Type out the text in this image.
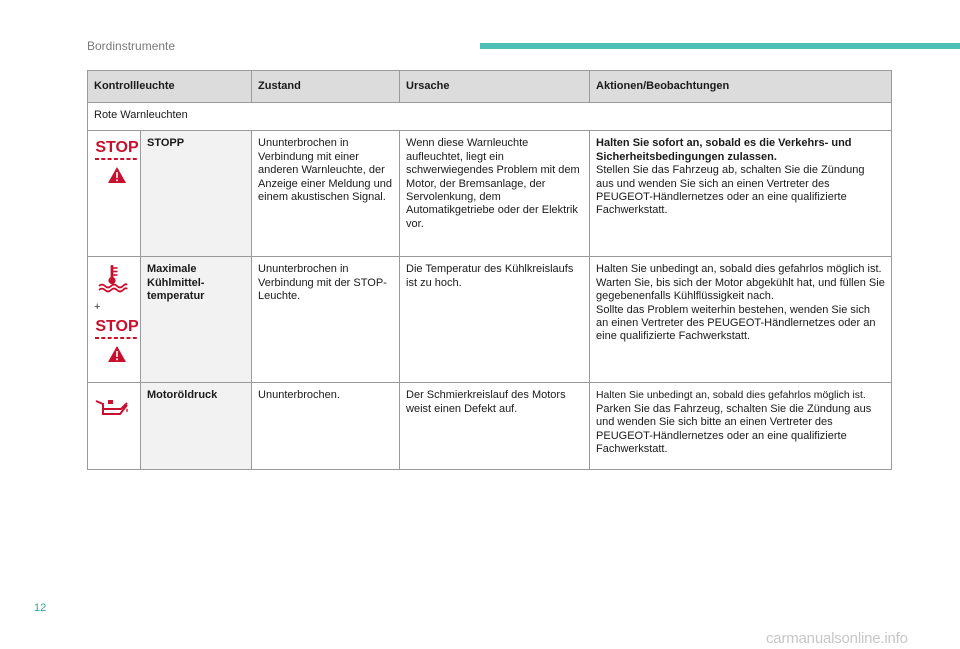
Bordinstrumente
Kontrollleuchte		Zustand	Ursache	Aktionen/Beobachtungen
Rote Warnleuchten				

STOP	STOPP	Ununterbrochen in Verbindung mit einer anderen Warnleuchte, der Anzeige einer Meldung und einem akustischen Signal.	Wenn diese Warnleuchte aufleuchtet, liegt ein schwerwiegendes Problem mit dem Motor, der Bremsanlage, der Servolenkung, dem Automatikgetriebe oder der Elektrik vor.	Halten Sie sofort an, sobald es die Verkehrs- und Sicherheitsbedingungen zulassen.
Stellen Sie das Fahrzeug ab, schalten Sie die Zündung aus und wenden Sie sich an einen Vertreter des PEUGEOT-Händlernetzes oder an eine qualifizierte Fachwerkstatt.

+
STOP	Maximale Kühlmittel-temperatur	Ununterbrochen in Verbindung mit der STOP-Leuchte.	Die Temperatur des Kühlkreislaufs ist zu hoch.	Halten Sie unbedingt an, sobald dies gefahrlos möglich ist.
Warten Sie, bis sich der Motor abgekühlt hat, und füllen Sie gegebenenfalls Kühlflüssigkeit nach.
Sollte das Problem weiterhin bestehen, wenden Sie sich an einen Vertreter des PEUGEOT-Händlernetzes oder an eine qualifizierte Fachwerkstatt.
	Motoröldruck	Ununterbrochen.	Der Schmierkreislauf des Motors weist einen Defekt auf.	Halten Sie unbedingt an, sobald dies gefahrlos möglich ist.
Parken Sie das Fahrzeug, schalten Sie die Zündung aus und wenden Sie sich bitte an einen Vertreter des PEUGEOT-Händlernetzes oder an eine qualifizierte Fachwerkstatt.
12
carmanualsonline.info
